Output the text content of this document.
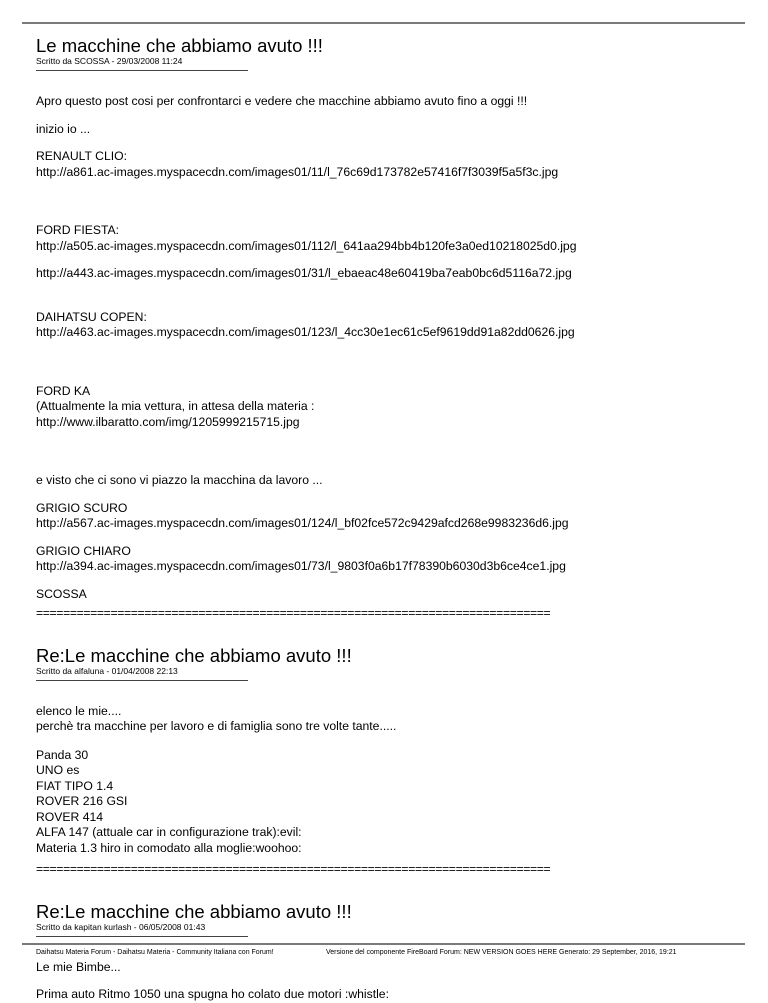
Le macchine che abbiamo avuto !!!

Scritto da SCOSSA - 29/03/2008 11:24

Apro questo post cosi per confrontarci e vedere che macchine abbiamo avuto fino a oggi !!!

inizio io ...

RENAULT CLIO:
http://a861.ac-images.myspacecdn.com/images01/11/l_76c69d173782e57416f7f3039f5a5f3c.jpg

FORD FIESTA:
http://a505.ac-images.myspacecdn.com/images01/112/l_641aa294bb4b120fe3a0ed10218025d0.jpg

http://a443.ac-images.myspacecdn.com/images01/31/l_ebaeac48e60419ba7eab0bc6d5116a72.jpg

DAIHATSU COPEN:
http://a463.ac-images.myspacecdn.com/images01/123/l_4cc30e1ec61c5ef9619dd91a82dd0626.jpg

FORD KA
(Attualmente la mia vettura, in attesa della materia :
http://www.ilbaratto.com/img/1205999215715.jpg

e visto che ci sono vi piazzo la macchina da lavoro ...

GRIGIO SCURO
http://a567.ac-images.myspacecdn.com/images01/124/l_bf02fce572c9429afcd268e9983236d6.jpg

GRIGIO CHIARO
http://a394.ac-images.myspacecdn.com/images01/73/l_9803f0a6b17f78390b6030d3b6ce4ce1.jpg

SCOSSA

============================================================================

Re:Le macchine che abbiamo avuto !!!

Scritto da alfaluna - 01/04/2008 22:13

elenco le mie....
perchè tra macchine per lavoro e di famiglia sono tre volte tante.....

Panda 30
UNO es
FIAT TIPO 1.4
ROVER 216 GSI
ROVER 414
ALFA 147 (attuale car in configurazione trak):evil:
Materia 1.3 hiro in comodato alla moglie:woohoo:

============================================================================

Re:Le macchine che abbiamo avuto !!!

Scritto da kapitan kurlash - 06/05/2008 01:43

Le mie Bimbe...

Prima auto Ritmo 1050 una spugna ho colato due motori :whistle:

Daihatsu Materia Forum - Daihatsu Materia - Community Italiana con Forum!	Versione del componente FireBoard Forum: NEW VERSION GOES HERE Generato: 29 September, 2016, 19:21
